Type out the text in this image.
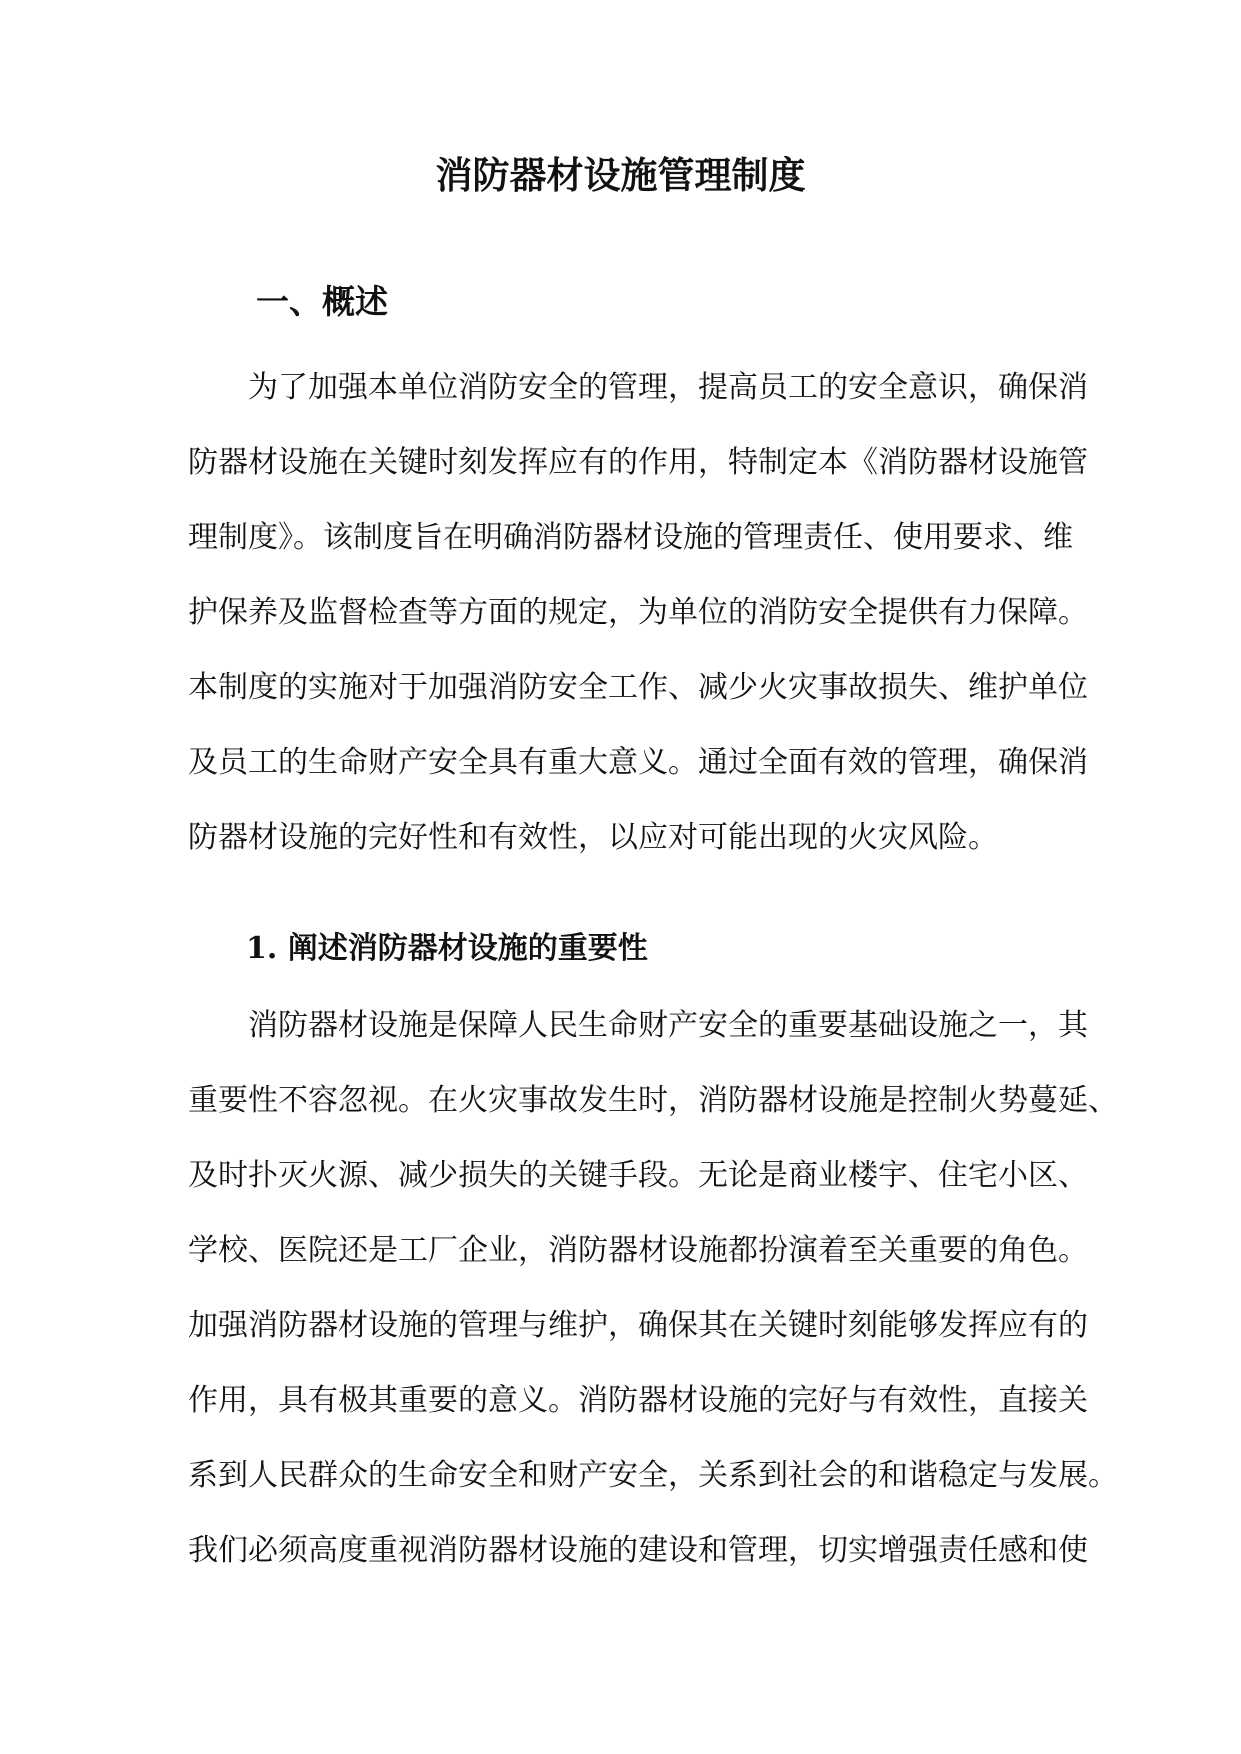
消防器材设施管理制度
一、概述
为了加强本单位消防安全的管理，提高员工的安全意识，确保消
防器材设施在关键时刻发挥应有的作用，特制定本《消防器材设施管
理制度》。该制度旨在明确消防器材设施的管理责任、使用要求、维
护保养及监督检查等方面的规定，为单位的消防安全提供有力保障。
本制度的实施对于加强消防安全工作、减少火灾事故损失、维护单位
及员工的生命财产安全具有重大意义。通过全面有效的管理，确保消
防器材设施的完好性和有效性，以应对可能出现的火灾风险。
1. 阐述消防器材设施的重要性
消防器材设施是保障人民生命财产安全的重要基础设施之一，其
重要性不容忽视。在火灾事故发生时，消防器材设施是控制火势蔓延、
及时扑灭火源、减少损失的关键手段。无论是商业楼宇、住宅小区、
学校、医院还是工厂企业，消防器材设施都扮演着至关重要的角色。
加强消防器材设施的管理与维护，确保其在关键时刻能够发挥应有的
作用，具有极其重要的意义。消防器材设施的完好与有效性，直接关
系到人民群众的生命安全和财产安全，关系到社会的和谐稳定与发展。
我们必须高度重视消防器材设施的建设和管理，切实增强责任感和使
